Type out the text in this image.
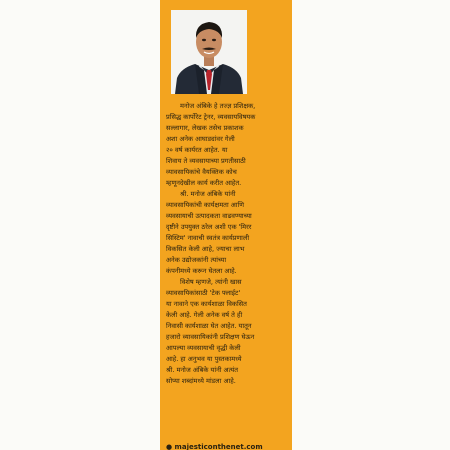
मनोज अंबिके हे तज्ज्ञ प्रशिक्षक,
प्रसिद्ध कार्पोरेट ट्रेनर, व्यवसायविषयक
सल्लागार, लेखक तसेच प्रकाशक
अशा अनेक आघाड्यांवर गेली
२० वर्ष कार्यरत आहेत. या
शिवाय ते व्यवसायाच्या प्रगतीसाठी
व्यावसायिकांचे वैयक्तिक कोच
म्हणूनदेखील कार्य करीत आहेत.
श्री. मनोज अंबिके यांनी
व्यावसायिकांची कार्यक्षमता आणि
व्यवसायाची उत्पादकता वाढवण्याच्या
दृष्टीने उपयुक्त ठरेल अशी एक 'मिरर
सिस्टिम' नावाची स्वतंत्र कार्यप्रणाली
विकसित केली आहे, ज्याचा लाभ
अनेक उद्योजकांनी त्यांच्या
कंपनीमध्ये करून घेतला आहे.
विशेष म्हणजे, त्यांनी खास
व्यावसायिकांसाठी 'टेक फ्लाईट'
या नावाने एक कार्यशाळा विकसित
केली आहे. गेली अनेक वर्ष ते ही
निवासी कार्यशाळा घेत आहेत. यातून
हजारो व्यावसायिकांनी प्रशिक्षण घेऊन
आपल्या व्यवसायाची वृद्धी केली
आहे. हा अनुभव या पुस्तकामध्ये
श्री. मनोज अंबिके यांनी अत्यंत
सोप्या शब्दांमध्ये मांडला आहे.
● majesticonthenet.com
